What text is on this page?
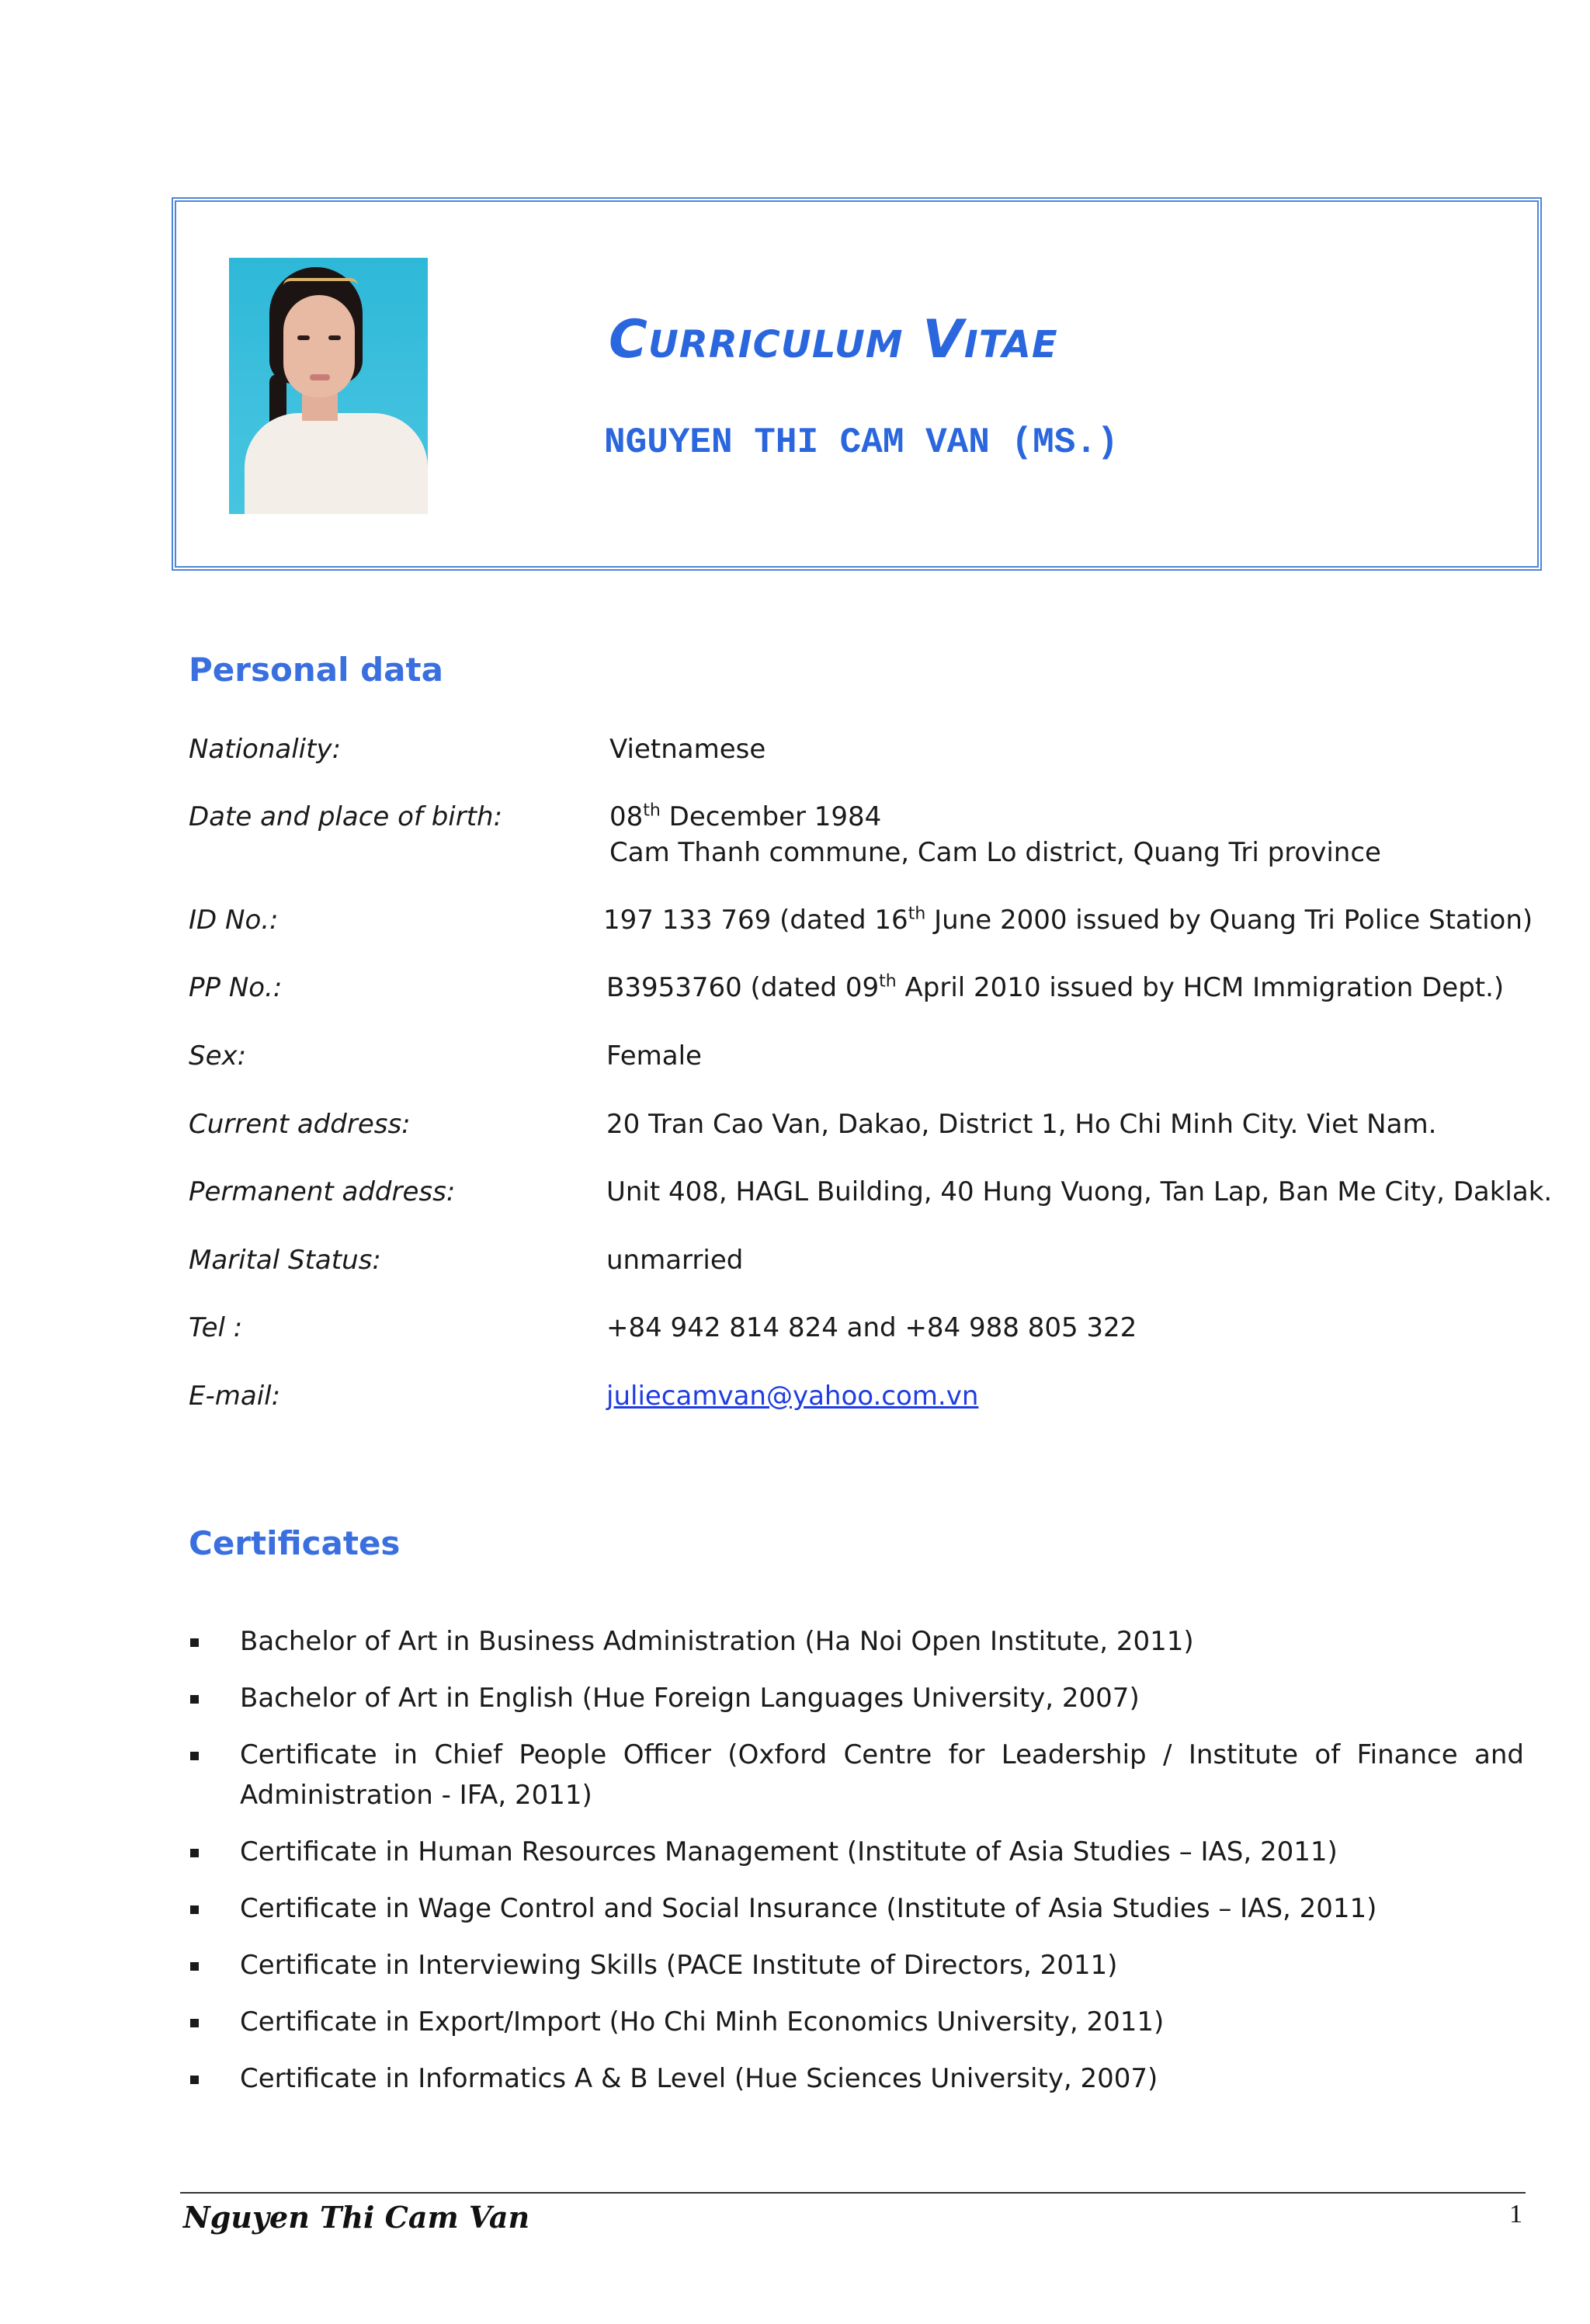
Curriculum Vitae
NGUYEN THI CAM VAN (MS.)
Personal data
Nationality:	Vietnamese
Date and place of birth:	08th December 1984
Cam Thanh commune, Cam Lo district, Quang Tri province
ID No.:	197 133 769 (dated 16th June 2000 issued by Quang Tri Police Station)
PP No.:	B3953760 (dated 09th April 2010 issued by HCM Immigration Dept.)
Sex:	Female
Current address:	20 Tran Cao Van, Dakao, District 1, Ho Chi Minh City. Viet Nam.
Permanent address:	Unit 408, HAGL Building, 40 Hung Vuong, Tan Lap, Ban Me City, Daklak.
Marital Status:	unmarried
Tel :	+84 942 814 824 and +84 988 805 322
E-mail:	juliecamvan@yahoo.com.vn
Certificates
Bachelor of Art in Business Administration (Ha Noi Open Institute, 2011)
Bachelor of Art in English (Hue Foreign Languages University, 2007)
Certificate in Chief People Officer (Oxford Centre for Leadership / Institute of Finance and Administration - IFA, 2011)
Certificate in Human Resources Management (Institute of Asia Studies – IAS, 2011)
Certificate in Wage Control and Social Insurance (Institute of Asia Studies – IAS, 2011)
Certificate in Interviewing Skills (PACE Institute of Directors, 2011)
Certificate in Export/Import (Ho Chi Minh Economics University, 2011)
Certificate in Informatics A & B Level (Hue Sciences University, 2007)
Nguyen Thi Cam Van	1
